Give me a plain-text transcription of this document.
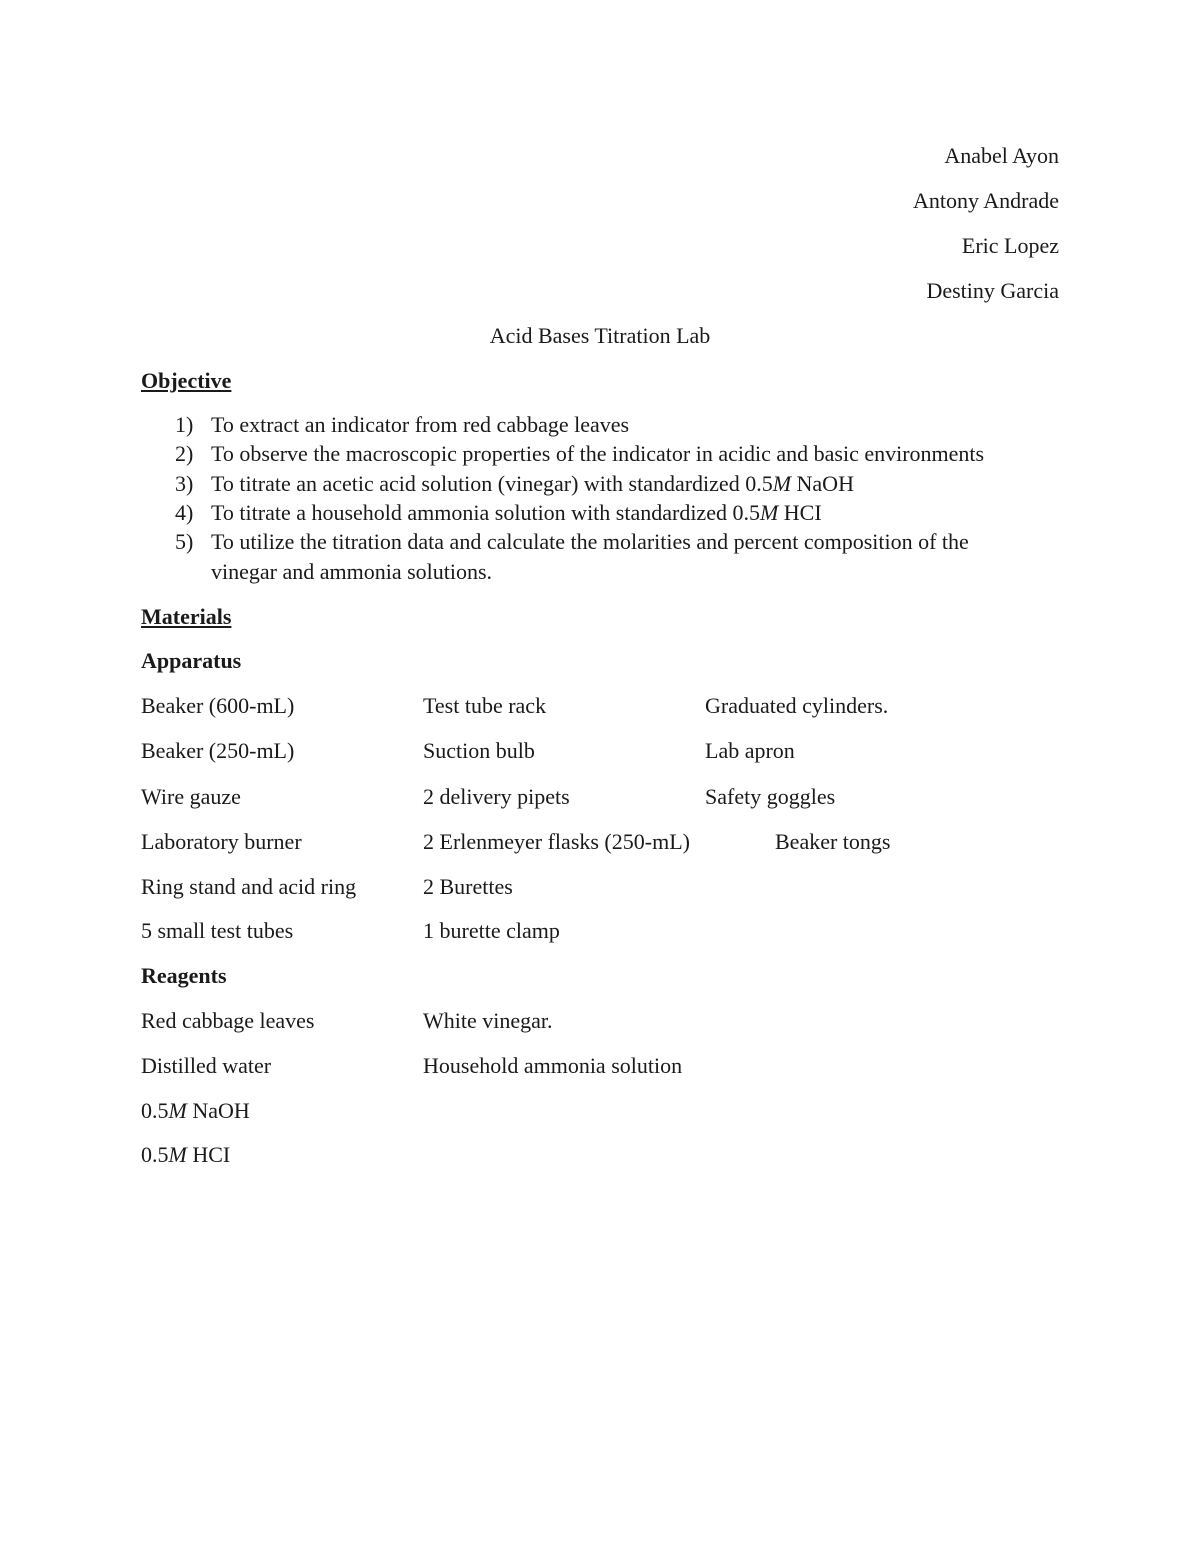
Anabel Ayon
Antony Andrade
Eric Lopez
Destiny Garcia
Acid Bases Titration Lab
Objective
1) To extract an indicator from red cabbage leaves
2) To observe the macroscopic properties of the indicator in acidic and basic environments
3) To titrate an acetic acid solution (vinegar) with standardized 0.5M NaOH
4) To titrate a household ammonia solution with standardized 0.5M HCI
5) To utilize the titration data and calculate the molarities and percent composition of the
vinegar and ammonia solutions.
Materials
Apparatus
Beaker (600-mL)	Test tube rack	Graduated cylinders.
Beaker (250-mL)	Suction bulb	Lab apron
Wire gauze	2 delivery pipets	Safety goggles
Laboratory burner	2 Erlenmeyer flasks (250-mL)	Beaker tongs
Ring stand and acid ring	2 Burettes
5 small test tubes	1 burette clamp
Reagents
Red cabbage leaves	White vinegar.
Distilled water	Household ammonia solution
0.5M NaOH
0.5M HCI
